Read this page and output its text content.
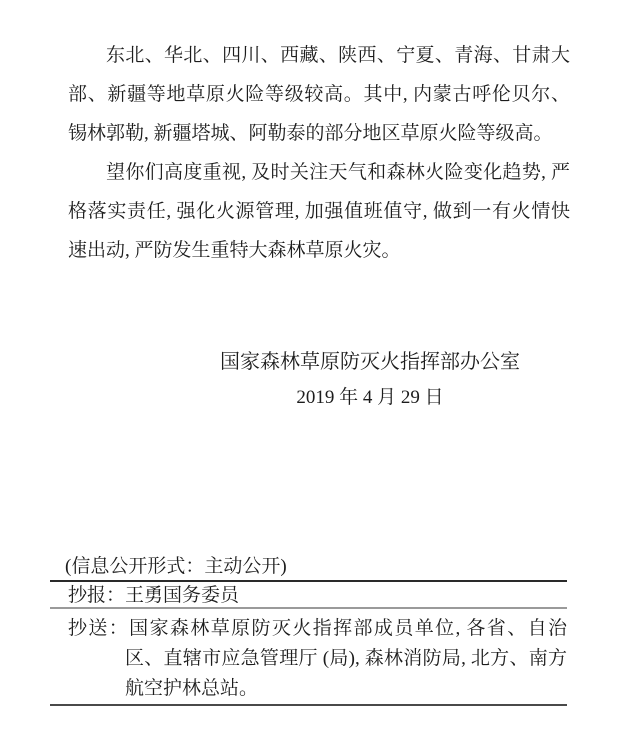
东北、华北、四川、西藏、陕西、宁夏、青海、甘肃大部、新疆等地草原火险等级较高。其中, 内蒙古呼伦贝尔、锡林郭勒, 新疆塔城、阿勒泰的部分地区草原火险等级高。

望你们高度重视, 及时关注天气和森林火险变化趋势, 严格落实责任, 强化火源管理, 加强值班值守, 做到一有火情快速出动, 严防发生重特大森林草原火灾。

国家森林草原防灭火指挥部办公室
2019 年 4 月 29 日
(信息公开形式：主动公开)
抄报：王勇国务委员

抄送：国家森林草原防灭火指挥部成员单位, 各省、自治区、直辖市应急管理厅 (局), 森林消防局, 北方、南方航空护林总站。
